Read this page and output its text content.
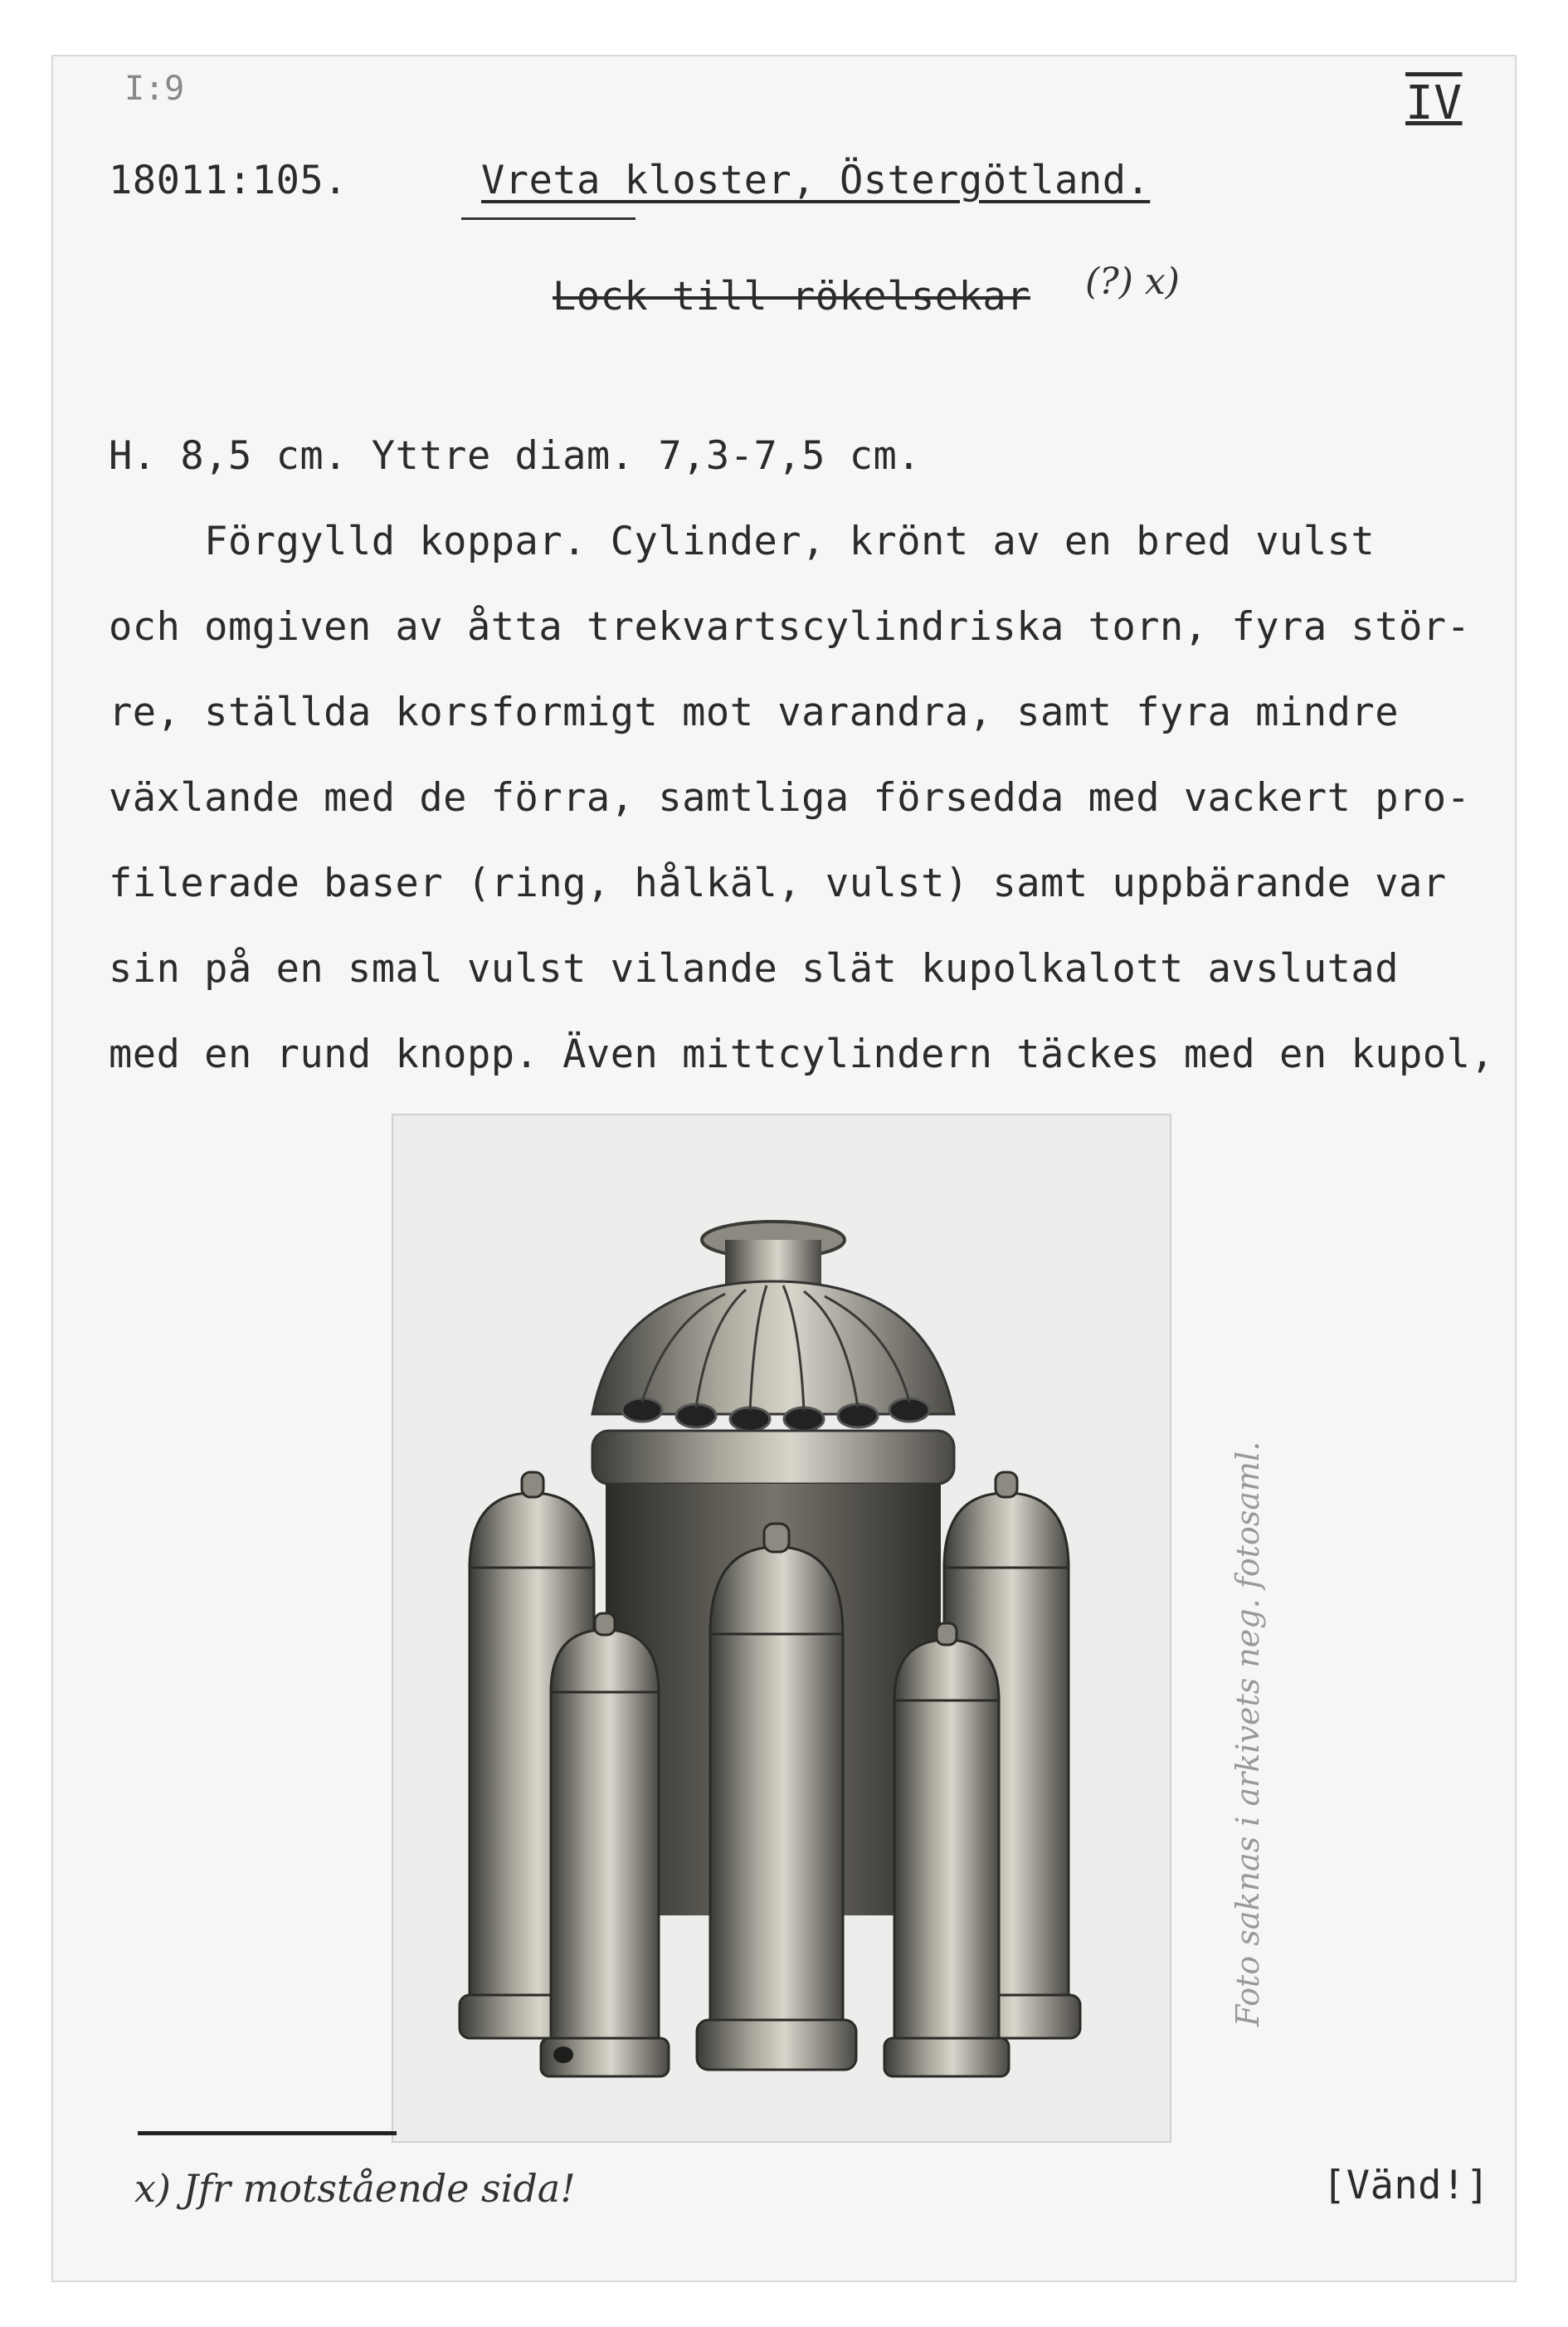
I:9	IV
18011:105.	Vreta kloster, Östergötland.
Lock till rökelsekar (?) x)
H. 8,5 cm. Yttre diam. 7,3-7,5 cm.
Förgylld koppar. Cylinder, krönt av en bred vulst
och omgiven av åtta trekvartscylindriska torn, fyra stör-
re, ställda korsformigt mot varandra, samt fyra mindre
växlande med de förra, samtliga försedda med vackert pro-
filerade baser (ring, hålkäl, vulst) samt uppbärande var
sin på en smal vulst vilande slät kupolkalott avslutad
med en rund knopp. Även mittcylindern täckes med en kupol,
Foto saknas i arkivets neg. fotosaml.
x) Jfr motstående sida!	[Vänd!]
